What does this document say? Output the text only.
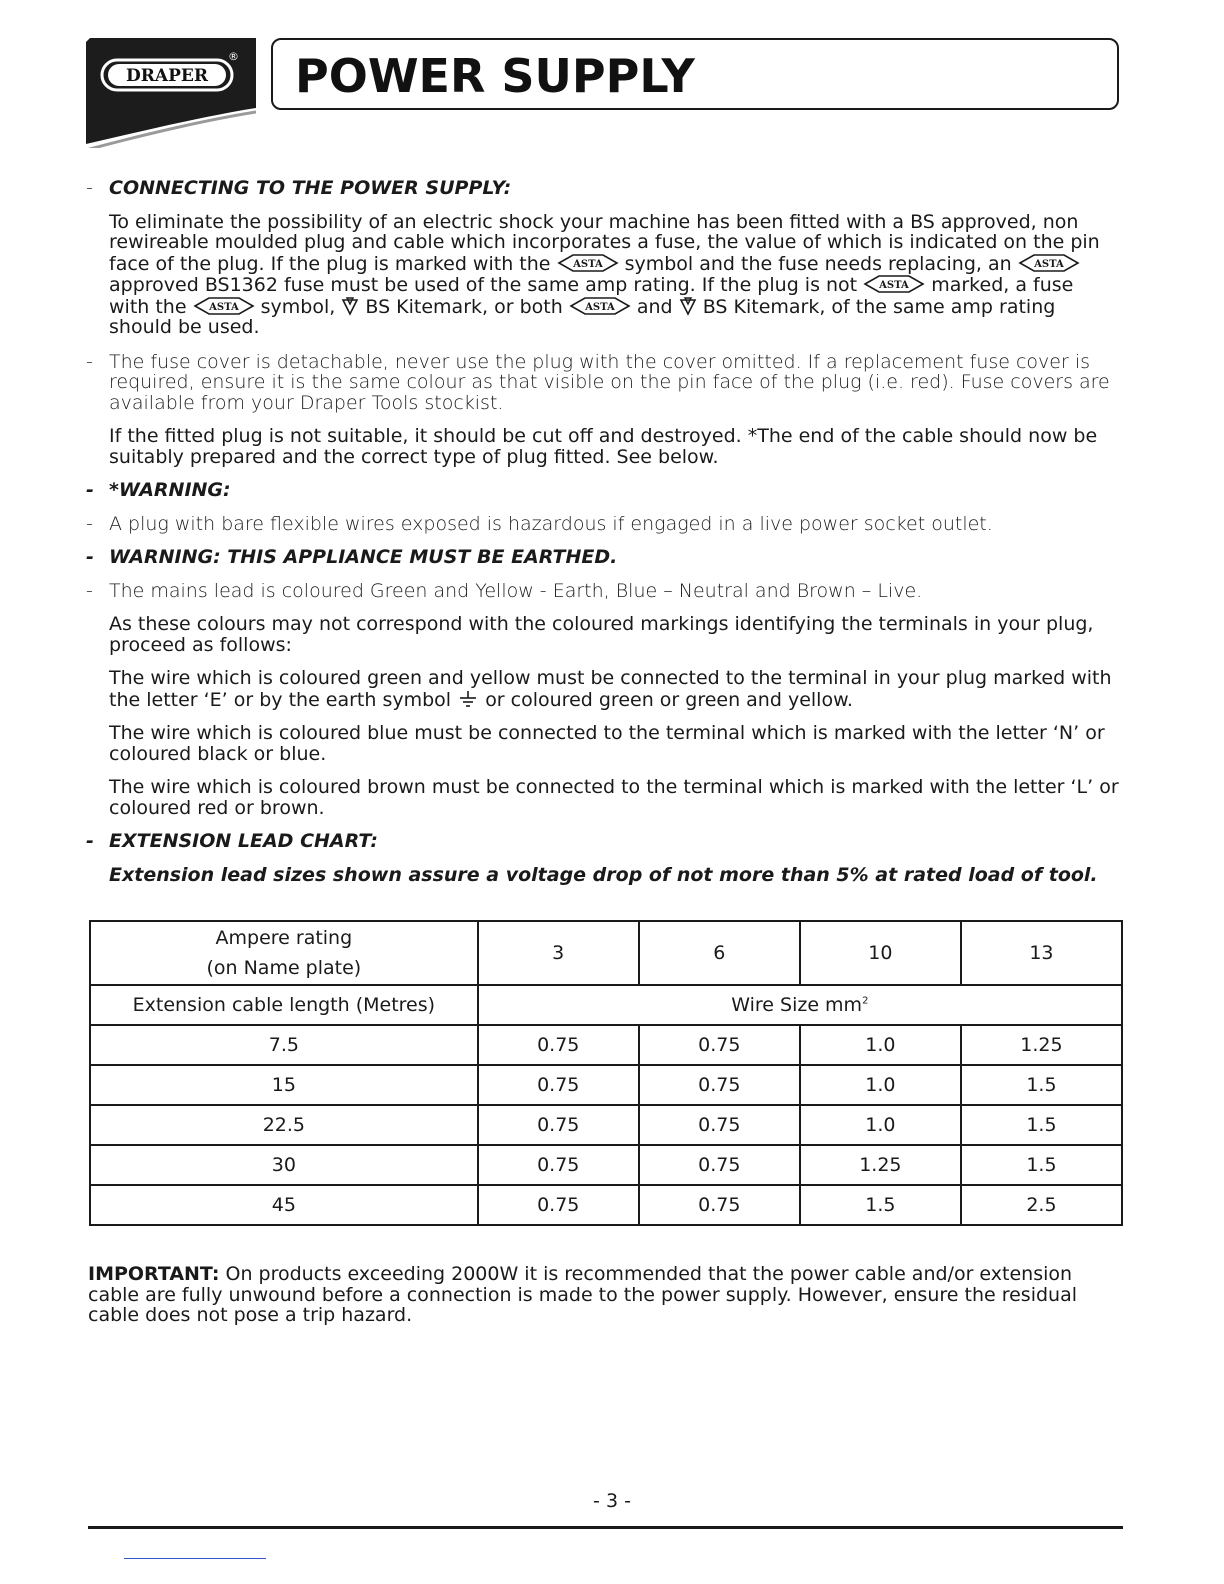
DRAPER
® POWER SUPPLY
- CONNECTING TO THE POWER SUPPLY:

To eliminate the possibility of an electric shock your machine has been fitted with a BS approved, non

rewireable moulded plug and cable which incorporates a fuse, the value of which is indicated on the pin

face of the plug. If the plug is marked with the ASTA symbol and the fuse needs replacing, an ASTA

approved BS1362 fuse must be used of the same amp rating. If the plug is not ASTA marked, a fuse

with the ASTA symbol, BS Kitemark, or both ASTA and BS Kitemark, of the same amp rating

should be used.

- The fuse cover is detachable, never use the plug with the cover omitted. If a replacement fuse cover is required, ensure it is the same colour as that visible on the pin face of the plug (i.e. red). Fuse covers are available from your Draper Tools stockist.

If the fitted plug is not suitable, it should be cut off and destroyed. *The end of the cable should now be suitably prepared and the correct type of plug fitted. See below.

- *WARNING:

- A plug with bare flexible wires exposed is hazardous if engaged in a live power socket outlet.

- WARNING: THIS APPLIANCE MUST BE EARTHED.

- The mains lead is coloured Green and Yellow - Earth, Blue – Neutral and Brown – Live.

As these colours may not correspond with the coloured markings identifying the terminals in your plug, proceed as follows:

The wire which is coloured green and yellow must be connected to the terminal in your plug marked with the letter ‘E’ or by the earth symbol or coloured green or green and yellow.

The wire which is coloured blue must be connected to the terminal which is marked with the letter ‘N’ or coloured black or blue.

The wire which is coloured brown must be connected to the terminal which is marked with the letter ‘L’ or coloured red or brown.

- EXTENSION LEAD CHART:

Extension lead sizes shown assure a voltage drop of not more than 5% at rated load of tool.

Ampere rating
(on Name plate)	3	6	10	13
Extension cable length (Metres)	Wire Size $mm^2$
7.5	0.75	0.75	1.0	1.25
15	0.75	0.75	1.0	1.5
22.5	0.75	0.75	1.0	1.5
30	0.75	0.75	1.25	1.5
45	0.75	0.75	1.5	2.5
IMPORTANT: On products exceeding 2000W it is recommended that the power cable and/or extension cable are fully unwound before a connection is made to the power supply. However, ensure the residual cable does not pose a trip hazard.
- 3 -
